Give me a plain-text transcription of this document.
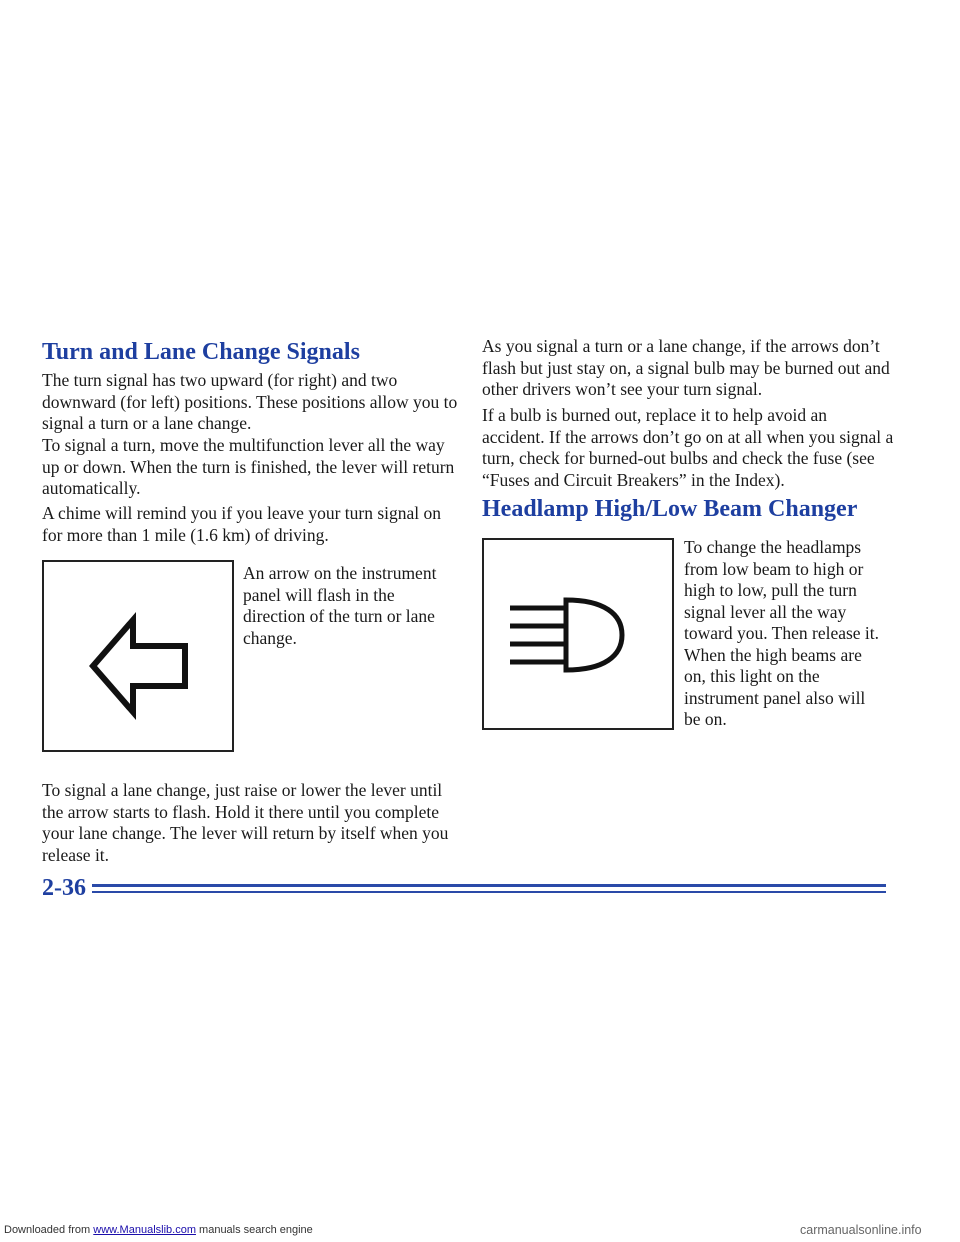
Turn and Lane Change Signals

The turn signal has two upward (for right) and two downward (for left) positions. These positions allow you to signal a turn or a lane change.

To signal a turn, move the multifunction lever all the way up or down. When the turn is finished, the lever will return automatically.

A chime will remind you if you leave your turn signal on for more than 1 mile (1.6 km) of driving.

An arrow on the instrument panel will flash in the direction of the turn or lane change.

To signal a lane change, just raise or lower the lever until the arrow starts to flash. Hold it there until you complete your lane change. The lever will return by itself when you release it.

As you signal a turn or a lane change, if the arrows don’t flash but just stay on, a signal bulb may be burned out and other drivers won’t see your turn signal.

If a bulb is burned out, replace it to help avoid an accident. If the arrows don’t go on at all when you signal a turn, check for burned-out bulbs and check the fuse (see “Fuses and Circuit Breakers” in the Index).

Headlamp High/Low Beam Changer

To change the headlamps from low beam to high or high to low, pull the turn signal lever all the way toward you. Then release it. When the high beams are on, this light on the instrument panel also will be on.

2-36
Downloaded from www.Manualslib.com manuals search engine	carmanualsonline.info
